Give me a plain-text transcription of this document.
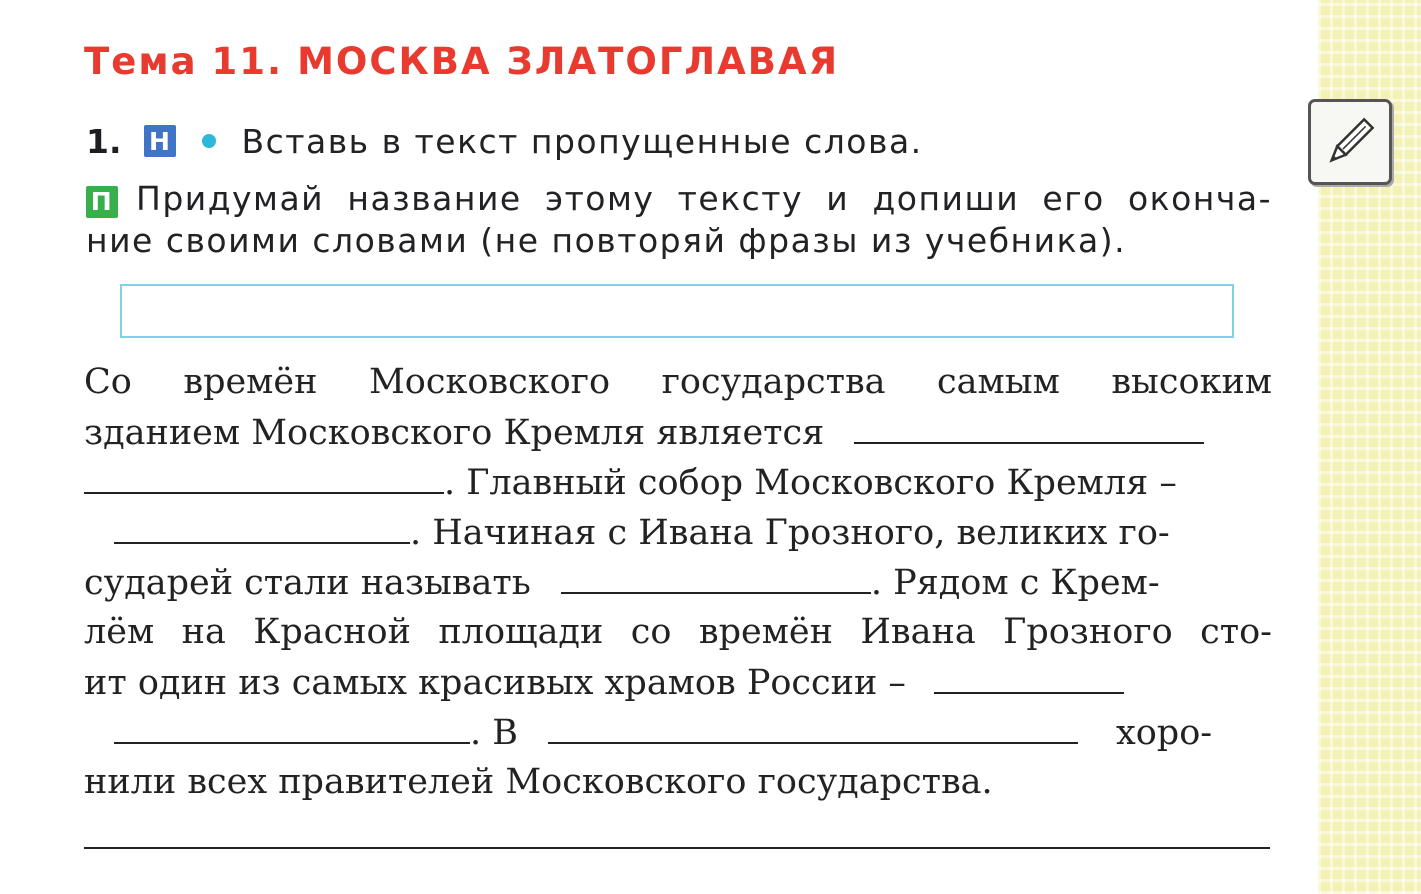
Тема 11. МОСКВА ЗЛАТОГЛАВАЯ
1. Н Вставь в текст пропущенные слова.
П Придумай название этому тексту и допиши его оконча-
ние своими словами (не повторяй фразы из учебника).
Со времён Московского государства самым высоким
зданием Московского Кремля является
. Главный собор Московского Кремля –
. Начиная с Ивана Грозного, великих го-
сударей стали называть	. Рядом с Крем-
лём на Красной площади со времён Ивана Грозного сто-
ит один из самых красивых храмов России –
. В	хоро-
нили всех правителей Московского государства.
